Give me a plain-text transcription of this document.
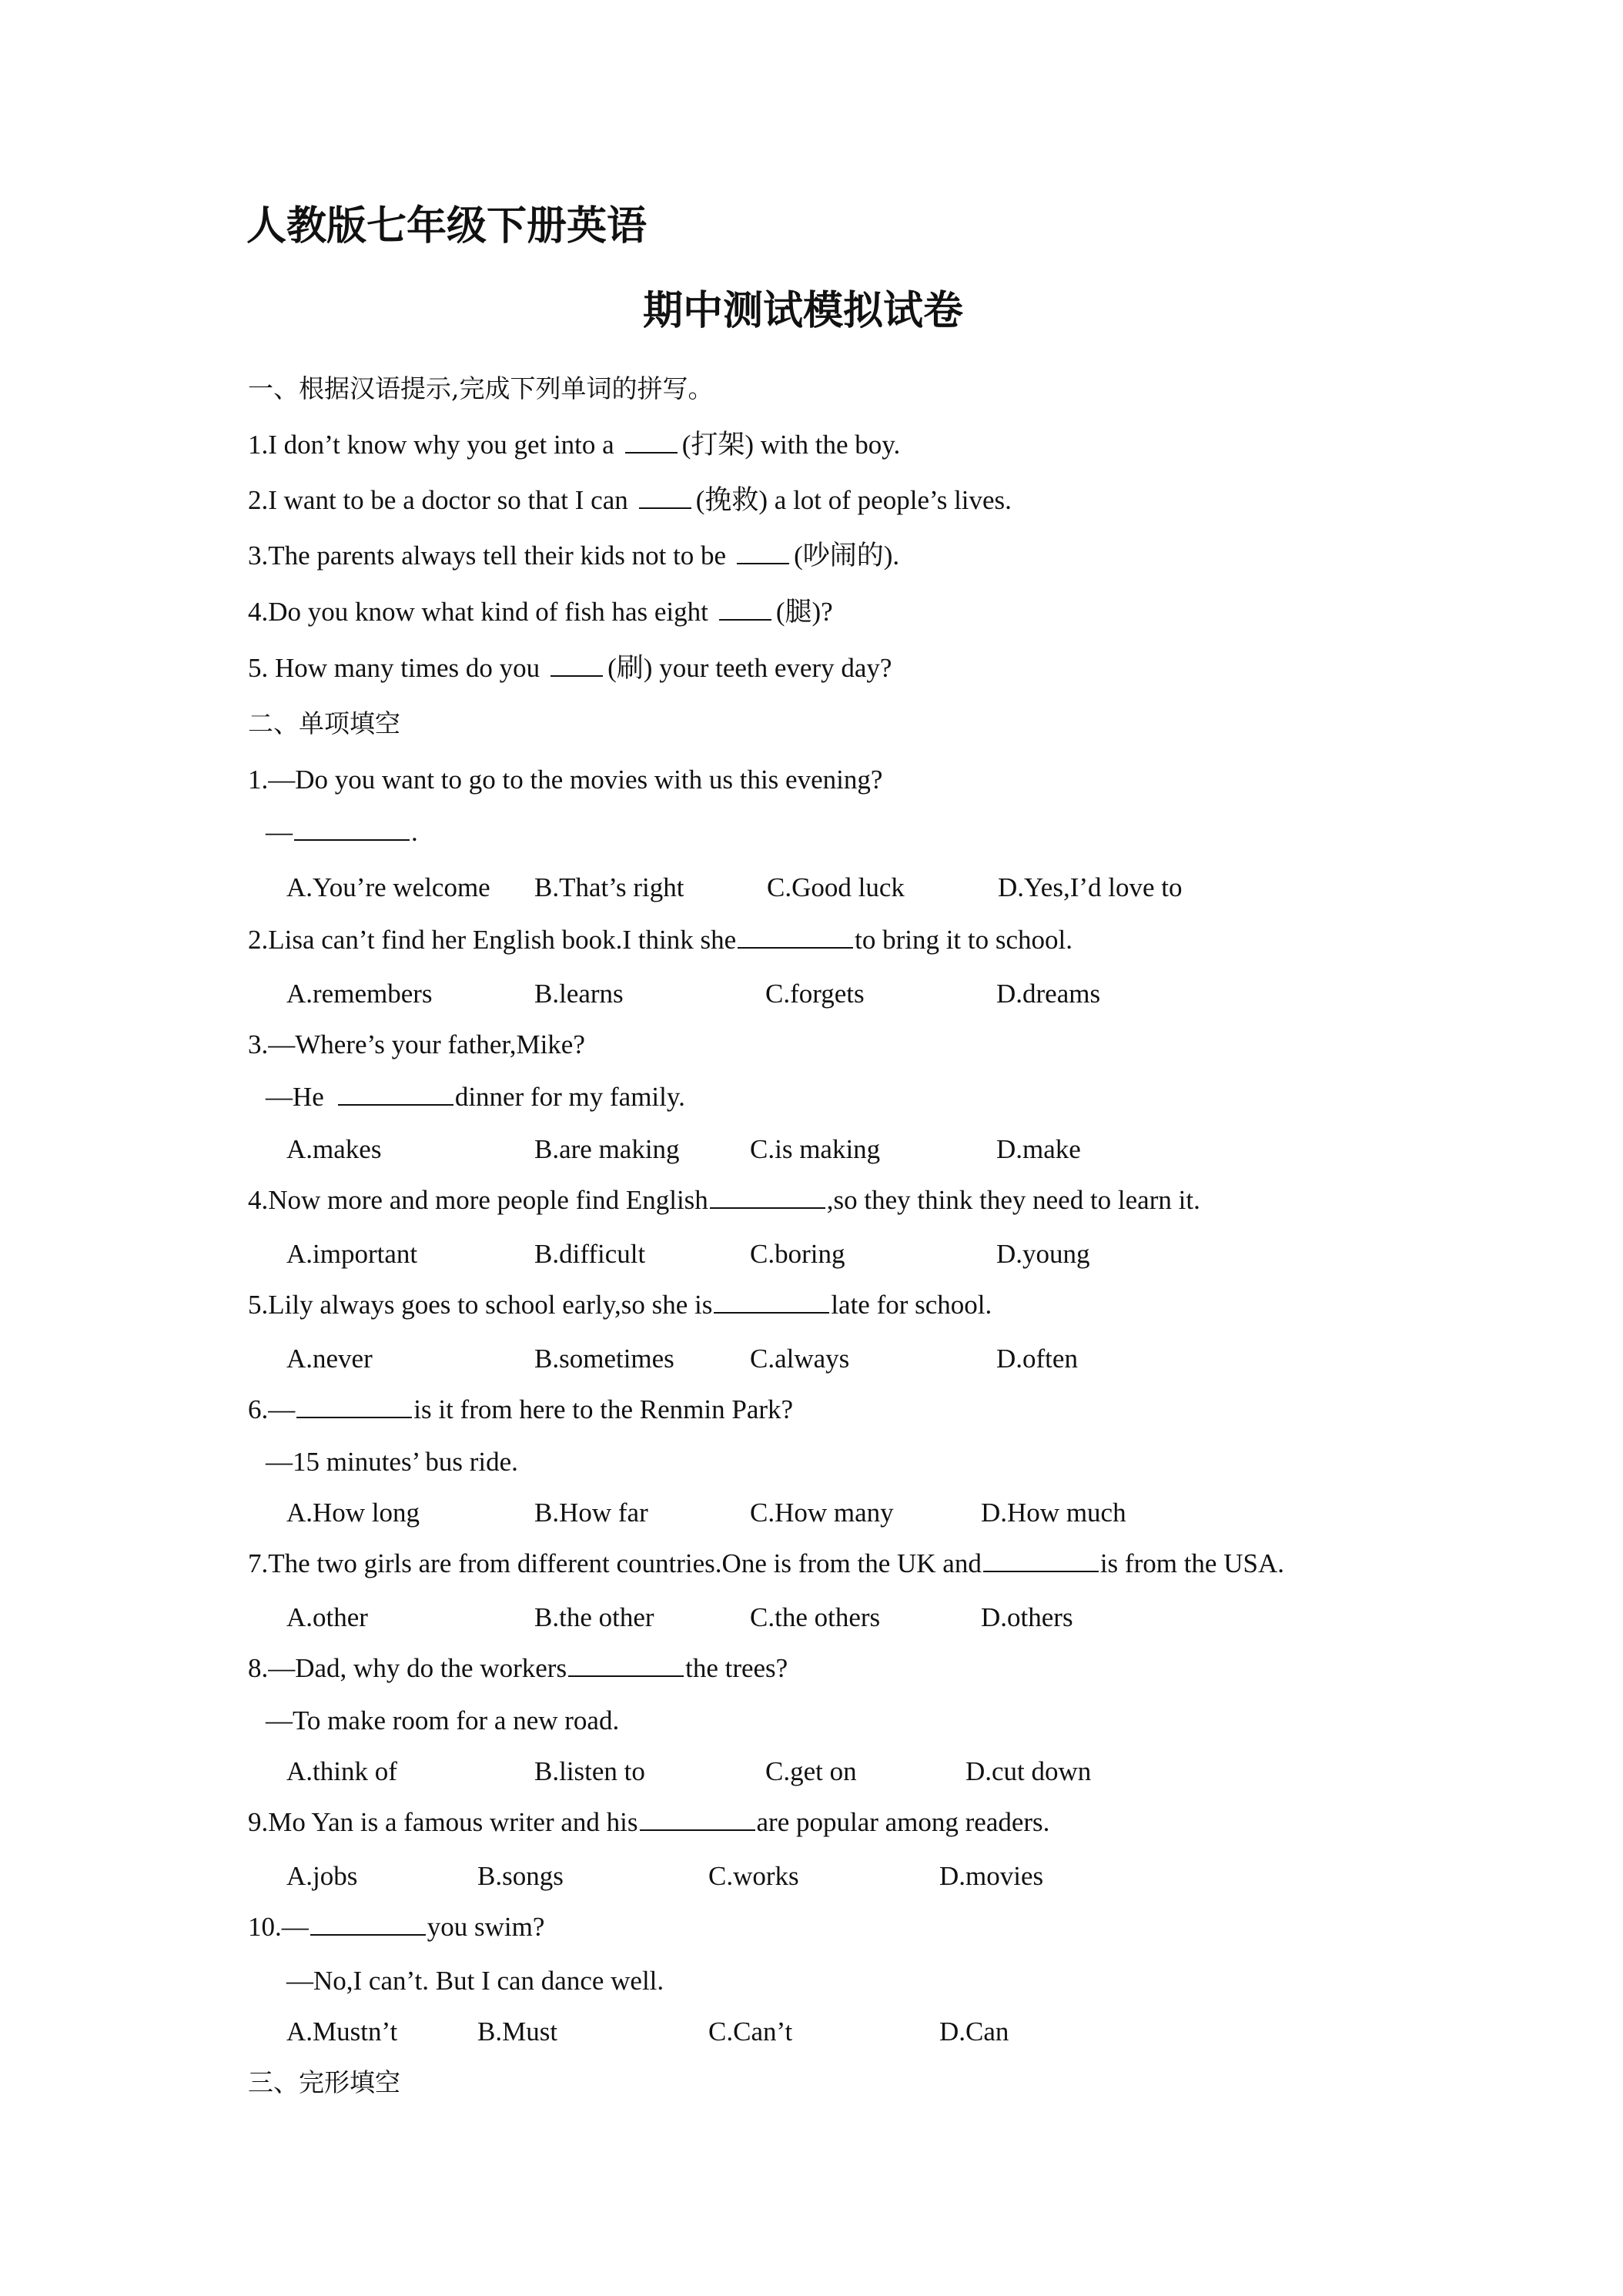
人教版七年级下册英语
期中测试模拟试卷
一、根据汉语提示,完成下列单词的拼写。
1.I don’t know why you get into a	(打架) with the boy.
2.I want to be a doctor so that I can	(挽救) a lot of people’s lives.
3.The parents always tell their kids not to be	(吵闹的).
4.Do you know what kind of fish has eight	(腿)?
5. How many times do you	(刷) your teeth every day?
二、单项填空
1.—Do you want to go to the movies with us this evening?
—	.
A.You’re welcome B.That’s right	C.Good luck	D.Yes,I’d love to
2.Lisa can’t find her English book.I think she	to bring it to school.
A.remembers	B.learns	C.forgets	D.dreams
3.—Where’s your father,Mike?
—He	dinner for my family.
A.makes	B.are making	C.is making	D.make
4.Now more and more people find English	,so they think they need to learn it.
A.important	B.difficult	C.boring	D.young
5.Lily always goes to school early,so she is	late for school.
A.never	B.sometimes	C.always	D.often
6.—	is it from here to the Renmin Park?
—15 minutes’ bus ride.
A.How long	B.How far	C.How many	D.How much
7.The two girls are from different countries.One is from the UK and	is from the USA.
A.other	B.the other	C.the others	D.others
8.—Dad, why do the workers	the trees?
—To make room for a new road.
A.think of	B.listen to	C.get on	D.cut down
9.Mo Yan is a famous writer and his	are popular among readers.
A.jobs	B.songs	C.works	D.movies
10.—	you swim?
—No,I can’t. But I can dance well.
A.Mustn’t	B.Must	C.Can’t	D.Can
三、完形填空
